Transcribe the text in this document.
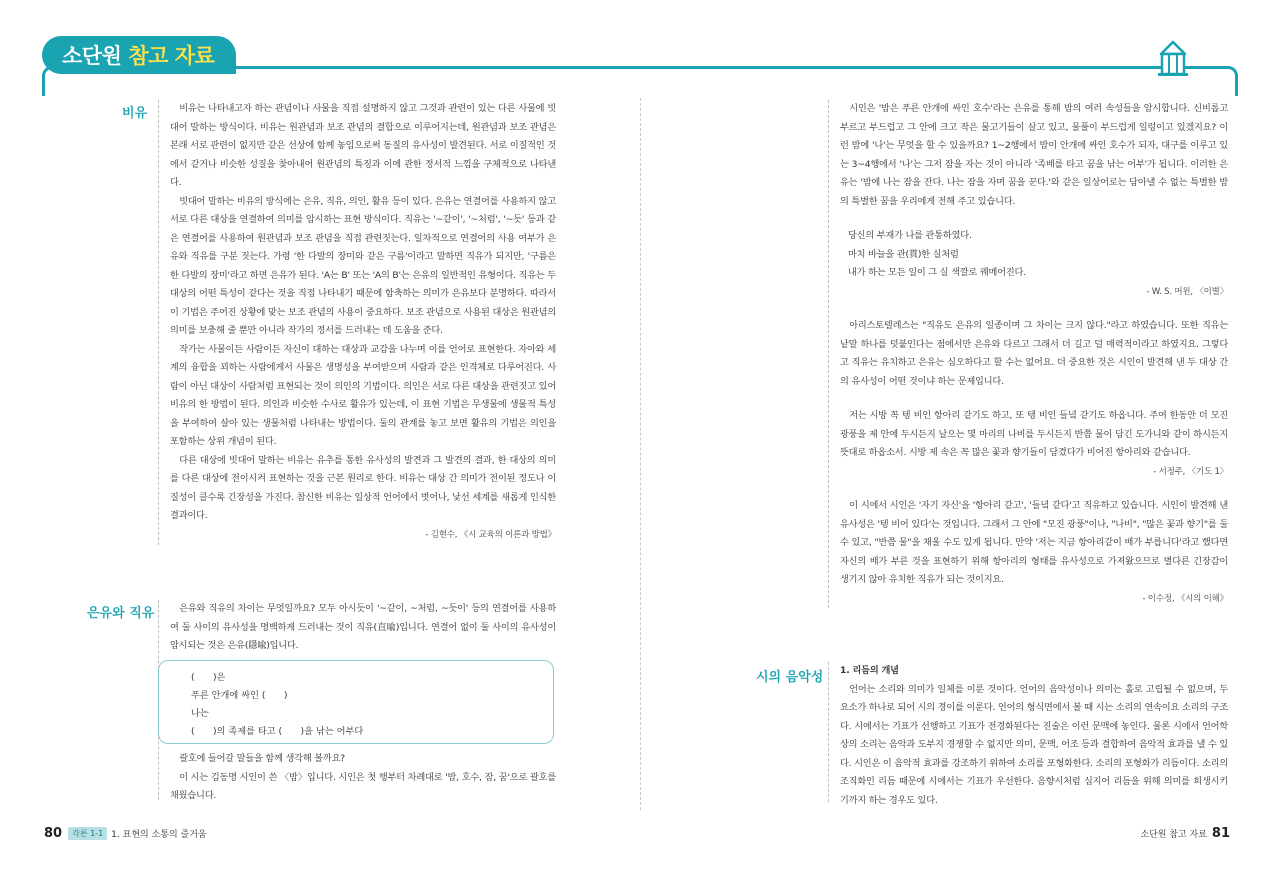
소단원 참고 자료
비유	비유는 나타내고자 하는 관념이나 사물을 직접 설명하지 않고 그것과 관련이 있는 다른 사물에 빗대어 말하는 방식이다. 비유는 원관념과 보조 관념의 결합으로 이루어지는데, 원관념과 보조 관념은 본래 서로 관련이 없지만 같은 선상에 함께 놓임으로써 동질의 유사성이 발견된다. 서로 이질적인 것에서 같거나 비슷한 성질을 찾아내어 원관념의 특징과 이에 관한 정서적 느낌을 구체적으로 나타낸다.

빗대어 말하는 비유의 방식에는 은유, 직유, 의인, 활유 등이 있다. 은유는 연결어를 사용하지 않고 서로 다른 대상을 연결하여 의미를 암시하는 표현 방식이다. 직유는 '~같이', '~처럼', '~듯' 등과 같은 연결어를 사용하여 원관념과 보조 관념을 직접 관련짓는다. 일차적으로 연결어의 사용 여부가 은유와 직유를 구분 짓는다. 가령 '한 다발의 장미와 같은 구름'이라고 말하면 직유가 되지만, '구름은 한 다발의 장미'라고 하면 은유가 된다. 'A는 B' 또는 'A의 B'는 은유의 일반적인 유형이다. 직유는 두 대상의 어떤 특성이 같다는 것을 직접 나타내기 때문에 함축하는 의미가 은유보다 분명하다. 따라서 이 기법은 주어진 상황에 맞는 보조 관념의 사용이 중요하다. 보조 관념으로 사용된 대상은 원관념의 의미를 보충해 줄 뿐만 아니라 작가의 정서를 드러내는 데 도움을 준다.

작가는 사물이든 사람이든 자신이 대하는 대상과 교감을 나누며 이를 언어로 표현한다. 자아와 세계의 융합을 꾀하는 사람에게서 사물은 생명성을 부여받으며 사람과 같은 인격체로 다루어진다. 사람이 아닌 대상이 사람처럼 표현되는 것이 의인의 기법이다. 의인은 서로 다른 대상을 관련짓고 있어 비유의 한 방법이 된다. 의인과 비슷한 수사로 활유가 있는데, 이 표현 기법은 무생물에 생물적 특성을 부여하여 살아 있는 생물처럼 나타내는 방법이다. 둘의 관계를 놓고 보면 활유의 기법은 의인을 포함하는 상위 개념이 된다.

다른 대상에 빗대어 말하는 비유는 유추를 통한 유사성의 발견과 그 발견의 결과, 한 대상의 의미를 다른 대상에 전이시켜 표현하는 것을 근본 원리로 한다. 비유는 대상 간 의미가 전이된 정도나 이질성이 클수록 긴장성을 가진다. 참신한 비유는 일상적 언어에서 벗어나, 낯선 세계를 새롭게 인식한 결과이다.

- 김현수, 《시 교육의 이론과 방법》
은유와 직유	은유와 직유의 차이는 무엇일까요? 모두 아시듯이 '~같이, ~처럼, ~듯이' 등의 연결어를 사용하여 둘 사이의 유사성을 명백하게 드러내는 것이 직유(直喩)입니다. 연결어 없이 둘 사이의 유사성이 암시되는 것은 은유(隱喩)입니다.

(　　)은
푸른 안개에 싸인 (　　)
나는
(　　)의 족제를 타고 (　　)을 낚는 어부다

괄호에 들어갈 말들을 함께 생각해 볼까요?

이 시는 김동명 시인이 쓴 〈밤〉입니다. 시인은 첫 행부터 차례대로 '밤, 호수, 잠, 꿈'으로 괄호를 채웠습니다.

시인은 '밤은 푸른 안개에 싸인 호수'라는 은유를 통해 밤의 여러 속성들을 암시합니다. 신비롭고 부르고 부드럽고 그 안에 크고 작은 물고기들이 살고 있고, 물풀이 부드럽게 일렁이고 있겠지요? 이런 밤에 '나'는 무엇을 할 수 있을까요? 1~2행에서 밤이 안개에 싸인 호수가 되자, 대구를 이루고 있는 3~4행에서 '나'는 그저 잠을 자는 것이 아니라 '족배를 타고 꿈을 낚는 어부'가 됩니다. 이러한 은유는 '밤에 나는 잠을 잔다. 나는 잠을 자며 꿈을 꾼다.'와 같은 일상어로는 담아낼 수 없는 특별한 밤의 특별한 꿈을 우리에게 전해 주고 있습니다.

당신의 부재가 나를 관통하였다.
마치 바늘을 관(貫)한 실처럼
내가 하는 모든 일이 그 실 색깔로 꿰메어진다.
- W. S. 머윈, 〈이별〉

아리스토텔레스는 "직유도 은유의 일종이며 그 차이는 크지 않다."라고 하였습니다. 또한 직유는 낱말 하나를 덧붙인다는 점에서만 은유와 다르고 그래서 더 길고 덜 매력적이라고 하였지요. 그렇다고 직유는 유치하고 은유는 심오하다고 할 수는 없어요. 더 중요한 것은 시인이 발견해 낸 두 대상 간의 유사성이 어떤 것이냐 하는 문제입니다.

저는 시방 꼭 텡 비인 항아리 같기도 하고, 또 텡 비인 들녘 같기도 하옵니다. 주여 한동안 더 모진 광풍을 제 안에 두시든지 날으는 몇 마리의 나비를 두시든지 반쯤 물이 담긴 도가니와 같이 하시든지 뜻대로 하옵소서. 시방 제 속은 꼭 많은 꽃과 향기들이 담겼다가 비어진 항아리와 같습니다.

- 서정주, 〈기도 1〉

이 시에서 시인은 '자기 자신'을 '항아리 같고', '들녘 같다'고 직유하고 있습니다. 시인이 발견해 낸 유사성은 '텡 비어 있다'는 것입니다. 그래서 그 안에 "모진 광풍"이나, "나비", "많은 꽃과 향기"를 둘 수 있고, "반쯤 물"을 채울 수도 있게 됩니다. 만약 '저는 지금 항아리같이 배가 부릅니다'라고 했다면 자신의 배가 부른 것을 표현하기 위해 항아리의 형태를 유사성으로 가져왔으므로 별다른 긴장감이 생기지 않아 유치한 직유가 되는 것이지요.

- 이수정, 《시의 이해》
시의 음악성 1. 리듬의 개념

언어는 소리와 의미가 일체를 이룬 것이다. 언어의 음악성이나 의미는 홀로 고립될 수 없으며, 두 요소가 하나로 되어 시의 경이를 이룬다. 언어의 형식면에서 볼 때 시는 소리의 연속이요 소리의 구조다. 시에서는 기표가 선행하고 기표가 전경화된다는 진술은 이런 문맥에 놓인다. 물론 시에서 언어학상의 소리는 음악과 도부지 경쟁할 수 없지만 의미, 문맥, 어조 등과 결합하여 음악적 효과를 낼 수 있다. 시인은 이 음악적 효과를 강조하기 위하여 소리를 포형화한다. 소리의 포형화가 리듬이다. 소리의 조직화인 리듬 때문에 시에서는 기표가 우선한다. 음향시처럼 심지어 리듬을 위해 의미를 희생시키기까지 하는 경우도 있다.

80	각론 1-1 1. 표현의 소통의 즐거움	소단원 참고 자료 81
